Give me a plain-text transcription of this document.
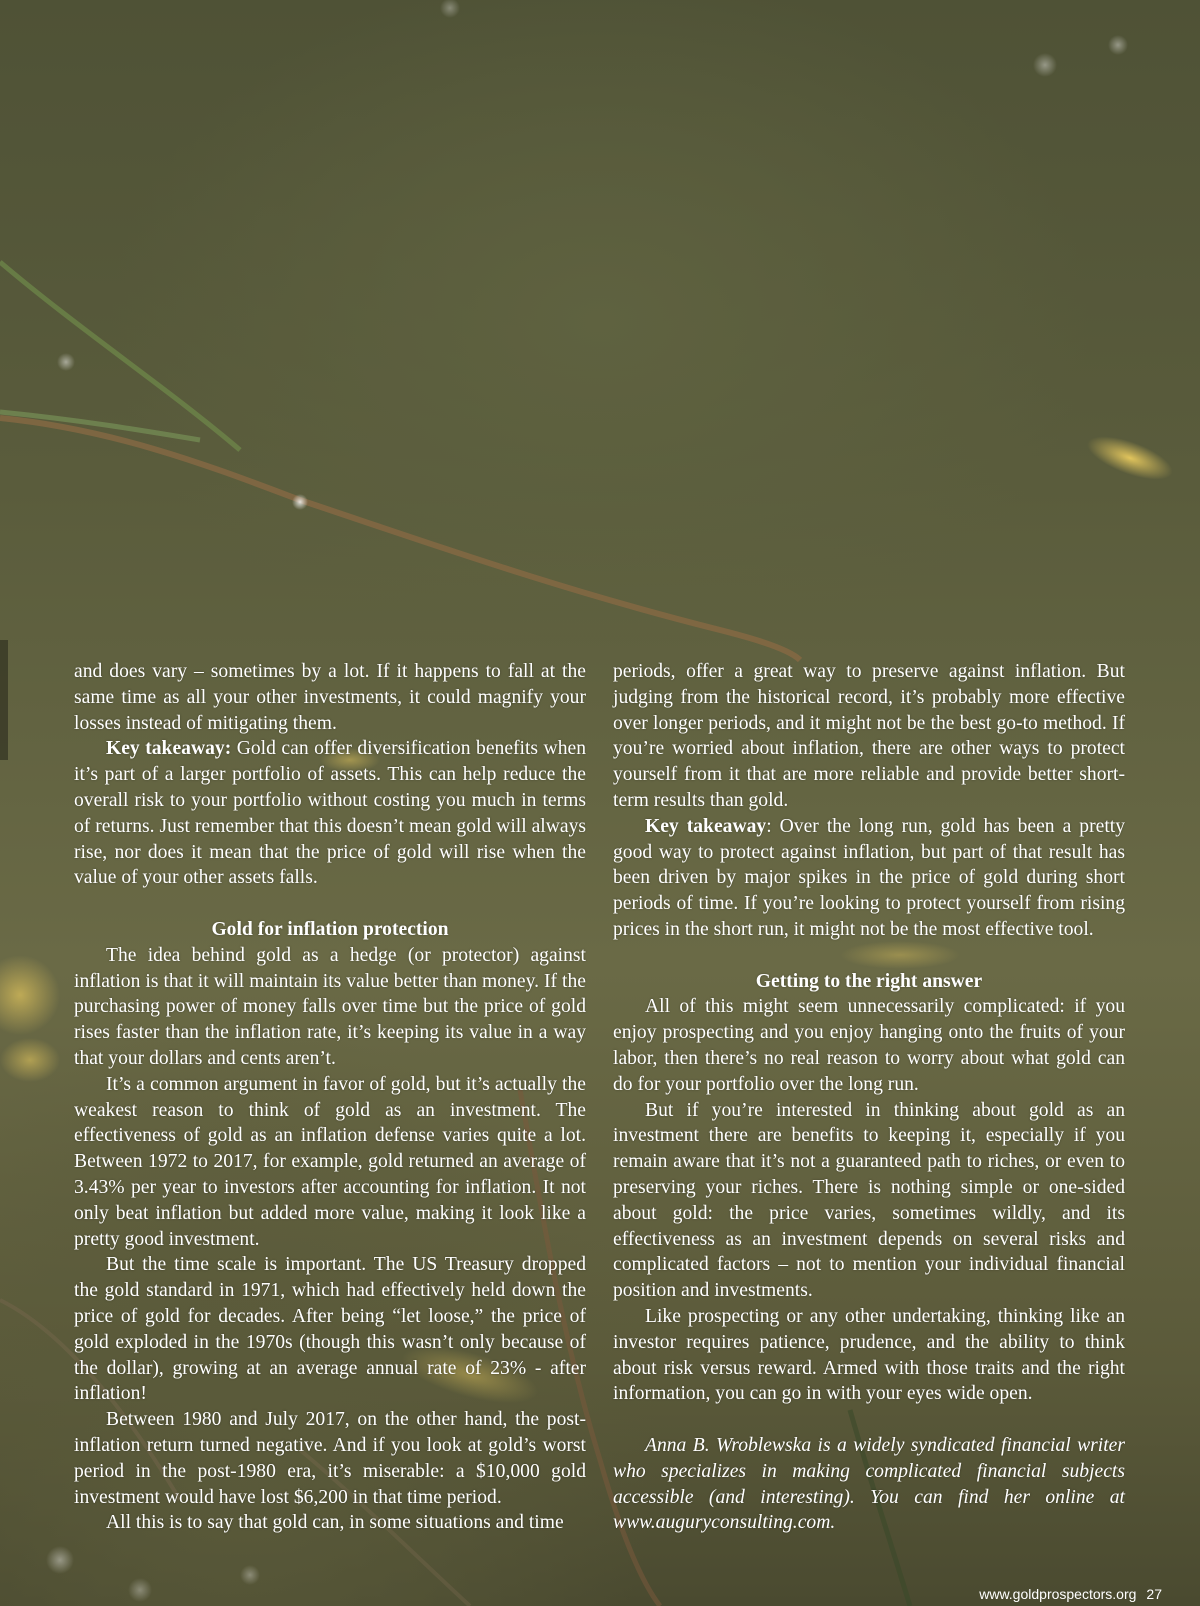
and does vary – sometimes by a lot. If it happens to fall at the same time as all your other investments, it could magnify your losses instead of mitigating them.

Key takeaway: Gold can offer diversification benefits when it’s part of a larger portfolio of assets. This can help reduce the overall risk to your portfolio without costing you much in terms of returns. Just remember that this doesn’t mean gold will always rise, nor does it mean that the price of gold will rise when the value of your other assets falls.

Gold for inflation protection

The idea behind gold as a hedge (or protector) against inflation is that it will maintain its value better than money. If the purchasing power of money falls over time but the price of gold rises faster than the inflation rate, it’s keeping its value in a way that your dollars and cents aren’t.

It’s a common argument in favor of gold, but it’s actually the weakest reason to think of gold as an investment. The effectiveness of gold as an inflation defense varies quite a lot. Between 1972 to 2017, for example, gold returned an average of 3.43% per year to investors after accounting for inflation. It not only beat inflation but added more value, making it look like a pretty good investment.

But the time scale is important. The US Treasury dropped the gold standard in 1971, which had effectively held down the price of gold for decades. After being “let loose,” the price of gold exploded in the 1970s (though this wasn’t only because of the dollar), growing at an average annual rate of 23% - after inflation!

Between 1980 and July 2017, on the other hand, the post-inflation return turned negative. And if you look at gold’s worst period in the post-1980 era, it’s miserable: a $10,000 gold investment would have lost $6,200 in that time period.

All this is to say that gold can, in some situations and time

periods, offer a great way to preserve against inflation. But judging from the historical record, it’s probably more effective over longer periods, and it might not be the best go-to method. If you’re worried about inflation, there are other ways to protect yourself from it that are more reliable and provide better short-term results than gold.

Key takeaway: Over the long run, gold has been a pretty good way to protect against inflation, but part of that result has been driven by major spikes in the price of gold during short periods of time. If you’re looking to protect yourself from rising prices in the short run, it might not be the most effective tool.

Getting to the right answer

All of this might seem unnecessarily complicated: if you enjoy prospecting and you enjoy hanging onto the fruits of your labor, then there’s no real reason to worry about what gold can do for your portfolio over the long run.

But if you’re interested in thinking about gold as an investment there are benefits to keeping it, especially if you remain aware that it’s not a guaranteed path to riches, or even to preserving your riches. There is nothing simple or one-sided about gold: the price varies, sometimes wildly, and its effectiveness as an investment depends on several risks and complicated factors – not to mention your individual financial position and investments.

Like prospecting or any other undertaking, thinking like an investor requires patience, prudence, and the ability to think about risk versus reward. Armed with those traits and the right information, you can go in with your eyes wide open.

Anna B. Wroblewska is a widely syndicated financial writer who specializes in making complicated financial subjects accessible (and interesting). You can find her online at www.auguryconsulting.com.

www.goldprospectors.org 27
